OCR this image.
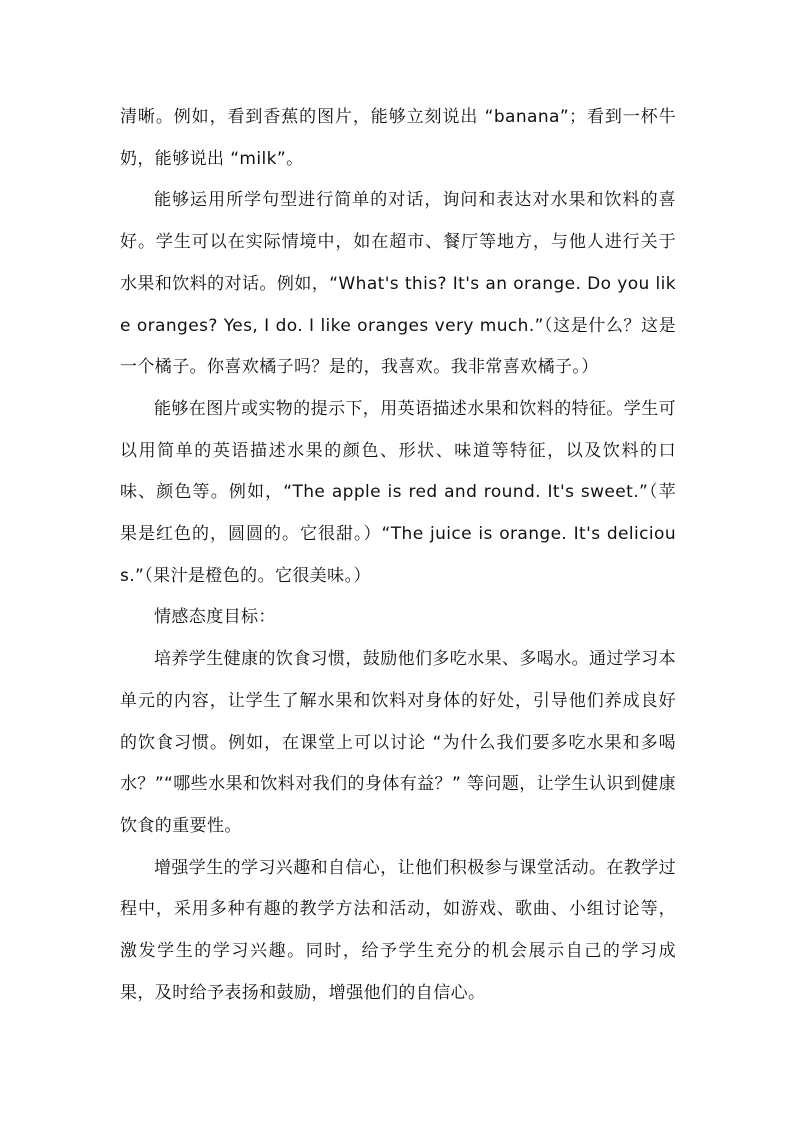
清晰。例如，看到香蕉的图片，能够立刻说出 “banana”；看到一杯牛奶，能够说出 “milk”。

能够运用所学句型进行简单的对话，询问和表达对水果和饮料的喜好。学生可以在实际情境中，如在超市、餐厅等地方，与他人进行关于水果和饮料的对话。例如，“What's this? It's an orange. Do you like oranges? Yes, I do. I like oranges very much.”（这是什么？这是一个橘子。你喜欢橘子吗？是的，我喜欢。我非常喜欢橘子。）

能够在图片或实物的提示下，用英语描述水果和饮料的特征。学生可以用简单的英语描述水果的颜色、形状、味道等特征，以及饮料的口味、颜色等。例如，“The apple is red and round. It's sweet.”（苹果是红色的，圆圆的。它很甜。）“The juice is orange. It's delicious.”（果汁是橙色的。它很美味。）

情感态度目标：

培养学生健康的饮食习惯，鼓励他们多吃水果、多喝水。通过学习本单元的内容，让学生了解水果和饮料对身体的好处，引导他们养成良好的饮食习惯。例如，在课堂上可以讨论 “为什么我们要多吃水果和多喝水？”“哪些水果和饮料对我们的身体有益？” 等问题，让学生认识到健康饮食的重要性。

增强学生的学习兴趣和自信心，让他们积极参与课堂活动。在教学过程中，采用多种有趣的教学方法和活动，如游戏、歌曲、小组讨论等，激发学生的学习兴趣。同时，给予学生充分的机会展示自己的学习成果，及时给予表扬和鼓励，增强他们的自信心。
